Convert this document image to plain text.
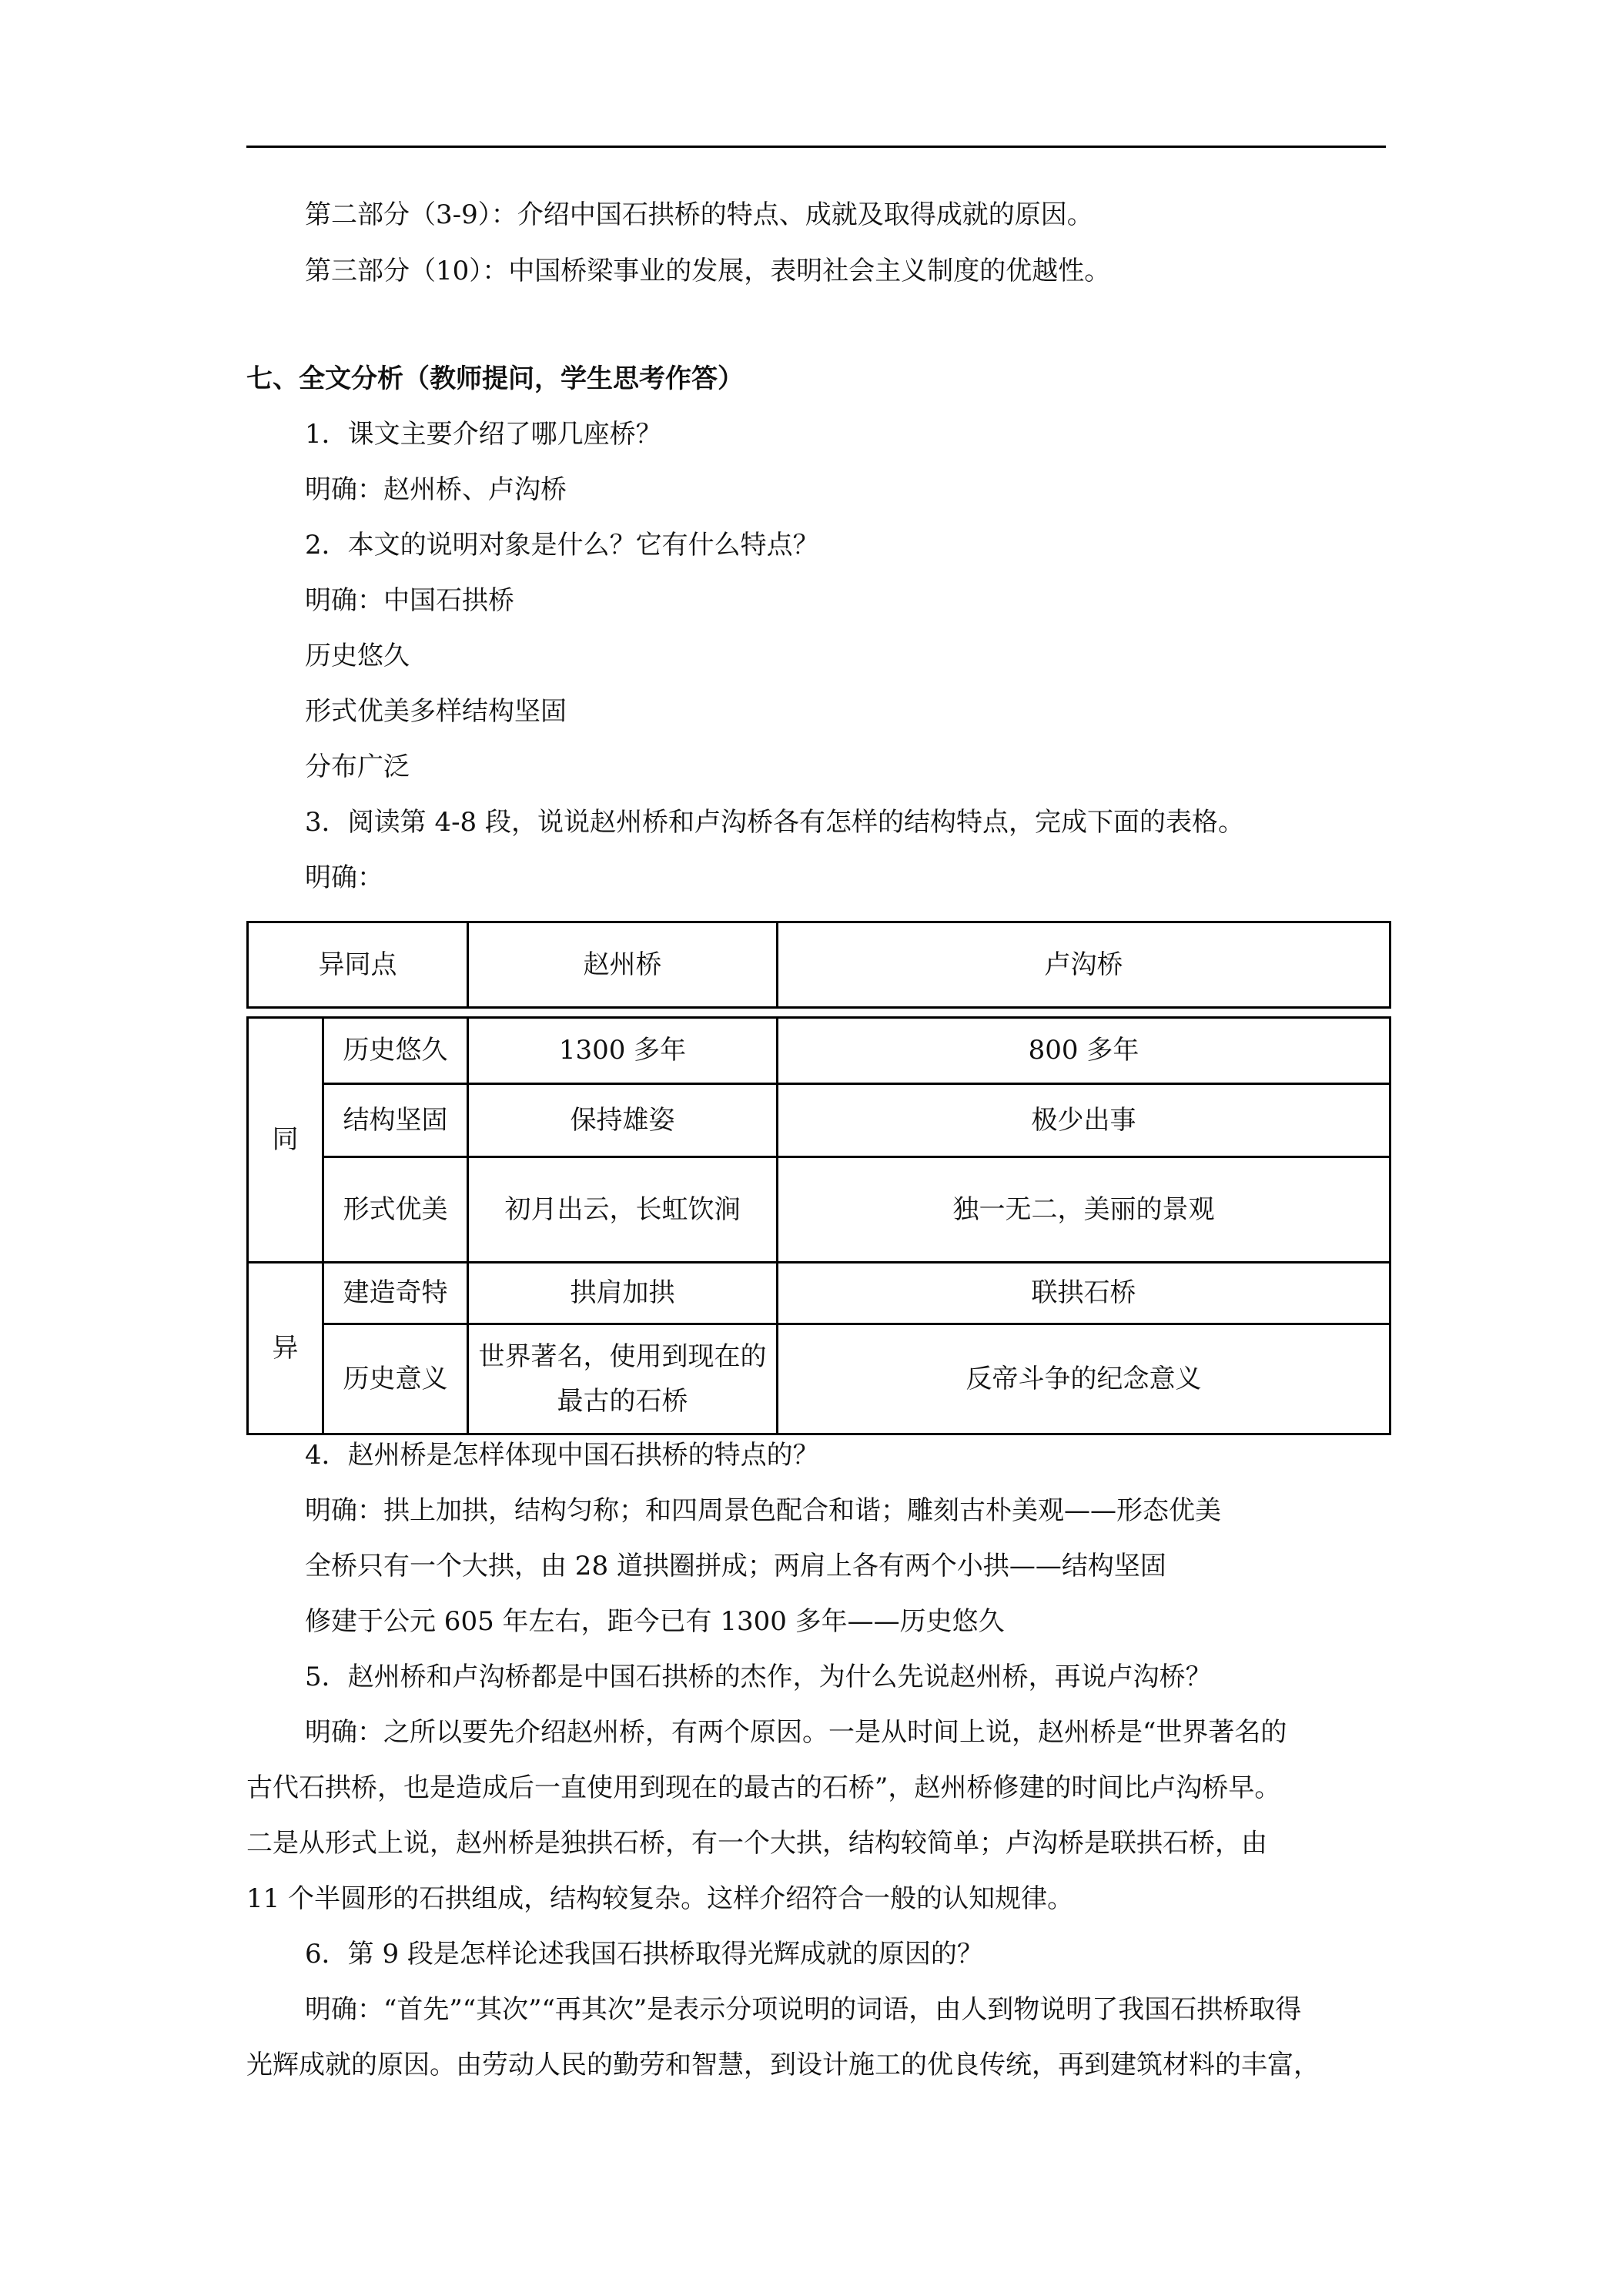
第二部分（3-9）：介绍中国石拱桥的特点、成就及取得成就的原因。
第三部分（10）：中国桥梁事业的发展，表明社会主义制度的优越性。
七、全文分析（教师提问，学生思考作答）
1．课文主要介绍了哪几座桥？
明确：赵州桥、卢沟桥
2．本文的说明对象是什么？它有什么特点？
明确：中国石拱桥
历史悠久
形式优美多样结构坚固
分布广泛
3．阅读第 4-8 段，说说赵州桥和卢沟桥各有怎样的结构特点，完成下面的表格。
明确：
异同点		赵州桥	卢沟桥

同	历史悠久	1300 多年	800 多年
	结构坚固	保持雄姿	极少出事
	形式优美	初月出云，长虹饮涧	独一无二，美丽的景观
异	建造奇特	拱肩加拱	联拱石桥
	历史意义	世界著名，使用到现在的
最古的石桥	反帝斗争的纪念意义
4．赵州桥是怎样体现中国石拱桥的特点的？
明确：拱上加拱，结构匀称；和四周景色配合和谐；雕刻古朴美观——形态优美
全桥只有一个大拱，由 28 道拱圈拼成；两肩上各有两个小拱——结构坚固
修建于公元 605 年左右，距今已有 1300 多年——历史悠久
5．赵州桥和卢沟桥都是中国石拱桥的杰作，为什么先说赵州桥，再说卢沟桥？
明确：之所以要先介绍赵州桥，有两个原因。一是从时间上说，赵州桥是“世界著名的
古代石拱桥，也是造成后一直使用到现在的最古的石桥”，赵州桥修建的时间比卢沟桥早。
二是从形式上说，赵州桥是独拱石桥，有一个大拱，结构较简单；卢沟桥是联拱石桥，由
11 个半圆形的石拱组成，结构较复杂。这样介绍符合一般的认知规律。
6．第 9 段是怎样论述我国石拱桥取得光辉成就的原因的？
明确：“首先”“其次”“再其次”是表示分项说明的词语，由人到物说明了我国石拱桥取得
光辉成就的原因。由劳动人民的勤劳和智慧，到设计施工的优良传统，再到建筑材料的丰富，
